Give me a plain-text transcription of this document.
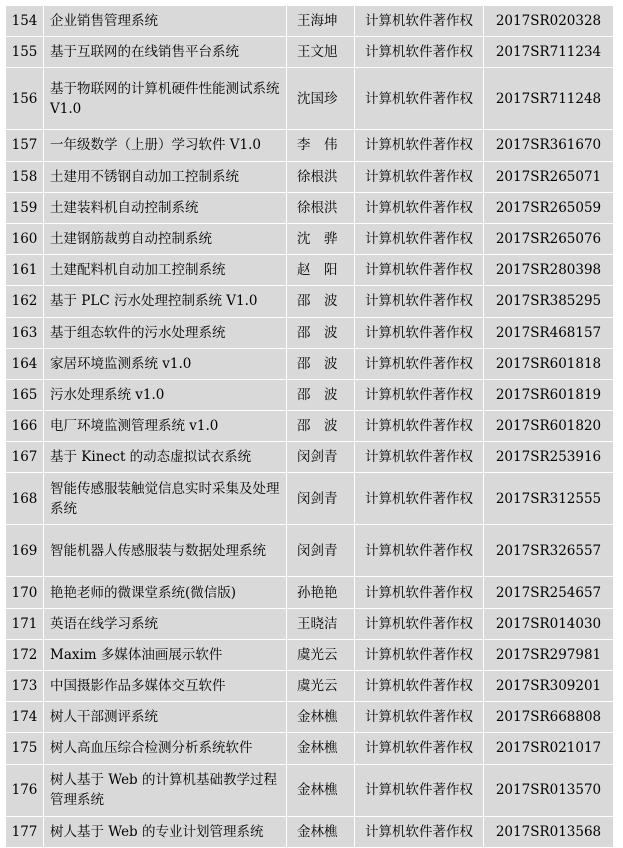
154	企业销售管理系统	王海坤	计算机软件著作权	2017SR020328
155	基于互联网的在线销售平台系统	王文旭	计算机软件著作权	2017SR711234
156	基于物联网的计算机硬件性能测试系统 V1.0	沈国珍	计算机软件著作权	2017SR711248
157	一年级数学（上册）学习软件 V1.0	李　伟	计算机软件著作权	2017SR361670
158	土建用不锈钢自动加工控制系统	徐根洪	计算机软件著作权	2017SR265071
159	土建装料机自动控制系统	徐根洪	计算机软件著作权	2017SR265059
160	土建钢筋裁剪自动控制系统	沈　骅	计算机软件著作权	2017SR265076
161	土建配料机自动加工控制系统	赵　阳	计算机软件著作权	2017SR280398
162	基于 PLC 污水处理控制系统 V1.0	邵　波	计算机软件著作权	2017SR385295
163	基于组态软件的污水处理系统	邵　波	计算机软件著作权	2017SR468157
164	家居环境监测系统 v1.0	邵　波	计算机软件著作权	2017SR601818
165	污水处理系统 v1.0	邵　波	计算机软件著作权	2017SR601819
166	电厂环境监测管理系统 v1.0	邵　波	计算机软件著作权	2017SR601820
167	基于 Kinect 的动态虚拟试衣系统	闵剑青	计算机软件著作权	2017SR253916
168	智能传感服装触觉信息实时采集及处理系统	闵剑青	计算机软件著作权	2017SR312555
169	智能机器人传感服装与数据处理系统	闵剑青	计算机软件著作权	2017SR326557
170	艳艳老师的微课堂系统(微信版)	孙艳艳	计算机软件著作权	2017SR254657
171	英语在线学习系统	王晓洁	计算机软件著作权	2017SR014030
172	Maxim 多媒体油画展示软件	虞光云	计算机软件著作权	2017SR297981
173	中国摄影作品多媒体交互软件	虞光云	计算机软件著作权	2017SR309201
174	树人干部测评系统	金林樵	计算机软件著作权	2017SR668808
175	树人高血压综合检测分析系统软件	金林樵	计算机软件著作权	2017SR021017
176	树人基于 Web 的计算机基础教学过程管理系统	金林樵	计算机软件著作权	2017SR013570
177	树人基于 Web 的专业计划管理系统	金林樵	计算机软件著作权	2017SR013568
